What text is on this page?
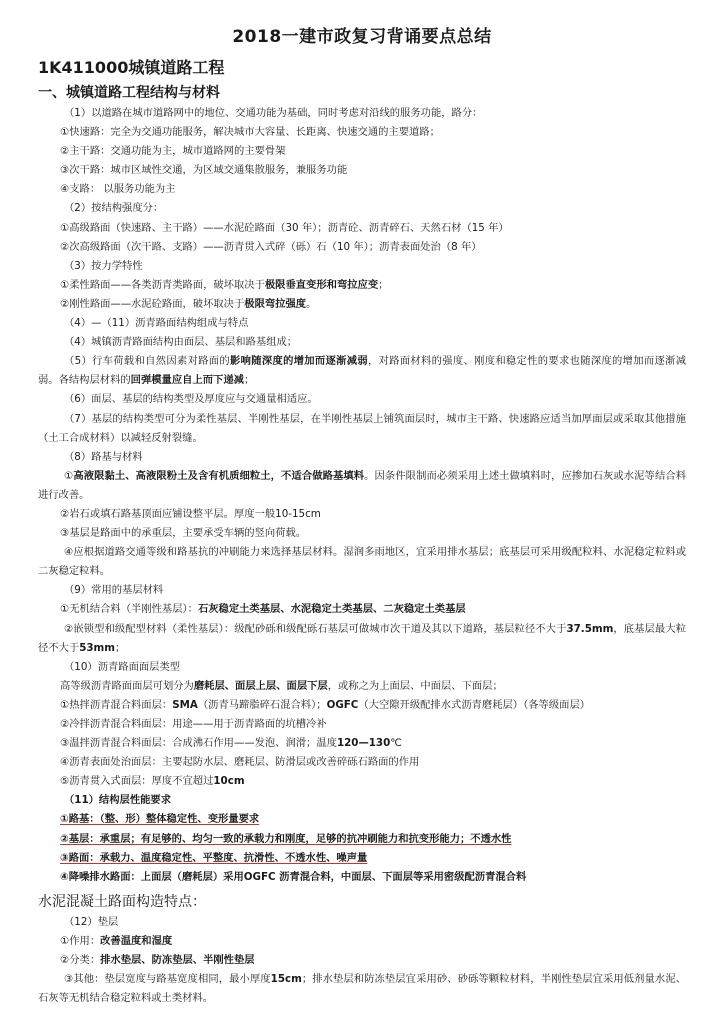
2018一建市政复习背诵要点总结
1K411000城镇道路工程
一、城镇道路工程结构与材料
（1）以道路在城市道路网中的地位、交通功能为基础，同时考虑对沿线的服务功能，路分：
①快速路：完全为交通功能服务，解决城市大容量、长距离、快速交通的主要道路；
②主干路：交通功能为主，城市道路网的主要骨架
③次干路：城市区域性交通，为区域交通集散服务，兼服务功能
④支路： 以服务功能为主
（2）按结构强度分：
①高级路面（快速路、主干路）——水泥砼路面（30 年）；沥青砼、沥青碎石、天然石材（15 年）
②次高级路面（次干路、支路）——沥青贯入式碎（砾）石（10 年）；沥青表面处治（8 年）
（3）按力学特性
①柔性路面——各类沥青类路面，破坏取决于极限垂直变形和弯拉应变；
②刚性路面——水泥砼路面，破坏取决于极限弯拉强度。
（4）—（11）沥青路面结构组成与特点
（4）城镇沥青路面结构由面层、基层和路基组成；
（5）行车荷载和自然因素对路面的影响随深度的增加而逐渐减弱，对路面材料的强度、刚度和稳定性的要求也随深度的增加而逐渐减弱。各结构层材料的回弹模量应自上而下递减；
（6）面层、基层的结构类型及厚度应与交通量相适应。
（7）基层的结构类型可分为柔性基层、半刚性基层，在半刚性基层上铺筑面层时，城市主干路、快速路应适当加厚面层或采取其他措施（土工合成材料）以减轻反射裂缝。
（8）路基与材料
①高液限黏土、高液限粉土及含有机质细粒土，不适合做路基填料。因条件限制而必须采用上述土做填料时，应掺加石灰或水泥等结合料进行改善。
②岩石或填石路基顶面应铺设整平层。厚度一般10-15cm
③基层是路面中的承重层，主要承受车辆的竖向荷载。
④应根据道路交通等级和路基抗的冲刷能力来选择基层材料。湿润多雨地区，宜采用排水基层；底基层可采用级配粒料、水泥稳定粒料或二灰稳定粒料。
（9）常用的基层材料
①无机结合料（半刚性基层）：石灰稳定土类基层、水泥稳定土类基层、二灰稳定土类基层
②嵌锁型和级配型材料（柔性基层）：级配砂砾和级配砾石基层可做城市次干道及其以下道路，基层粒径不大于37.5mm，底基层最大粒径不大于53mm；
（10）沥青路面面层类型
高等级沥青路面面层可划分为磨耗层、面层上层、面层下层，或称之为上面层、中面层、下面层；
①热拌沥青混合料面层：SMA（沥青马蹄脂碎石混合料）；OGFC（大空隙开级配排水式沥青磨耗层）（各等级面层）
②冷拌沥青混合料面层：用途——用于沥青路面的坑槽冷补
③温拌沥青混合料面层：合成沸石作用——发泡、润滑；温度120—130℃
④沥青表面处治面层：主要起防水层、磨耗层、防滑层或改善碎砾石路面的作用
⑤沥青贯入式面层：厚度不宜超过10cm
（11）结构层性能要求
①路基：（整、形）整体稳定性、变形量要求
②基层：承重层；有足够的、均匀一致的承载力和刚度，足够的抗冲刷能力和抗变形能力；不透水性
③路面：承载力、温度稳定性、平整度、抗滑性、不透水性、噪声量
④降噪排水路面：上面层（磨耗层）采用OGFC 沥青混合料，中面层、下面层等采用密级配沥青混合料
水泥混凝土路面构造特点：
（12）垫层
①作用：改善温度和湿度
②分类：排水垫层、防冻垫层、半刚性垫层
③其他：垫层宽度与路基宽度相同，最小厚度15cm；排水垫层和防冻垫层宜采用砂、砂砾等颗粒材料，半刚性垫层宜采用低剂量水泥、石灰等无机结合稳定粒料或土类材料。
